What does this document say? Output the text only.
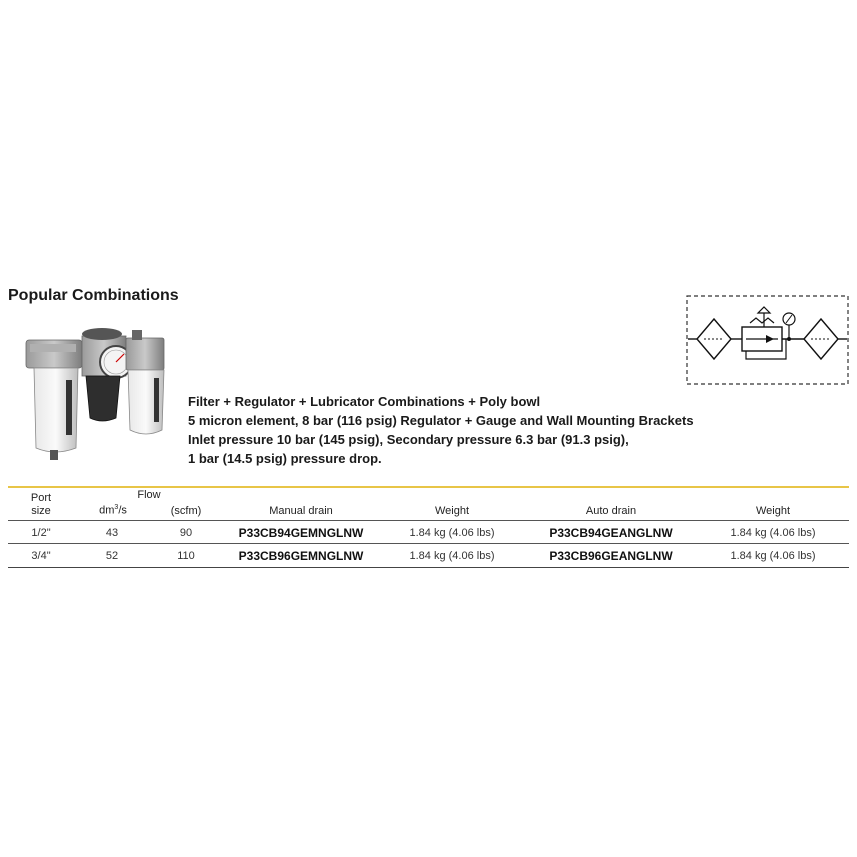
Popular Combinations
Filter + Regulator + Lubricator Combinations + Poly bowl
5 micron element, 8 bar (116 psig) Regulator + Gauge and Wall Mounting Brackets
Inlet pressure 10 bar (145 psig), Secondary pressure 6.3 bar (91.3 psig),
1 bar (14.5 psig) pressure drop.
Port
size
Flow
$dm^3/s$	(scfm)	Manual drain	Weight	Auto drain	Weight
1/2"	43	90	P33CB94GEMNGLNW	1.84 kg (4.06 lbs)	P33CB94GEANGLNW	1.84 kg (4.06 lbs)
3/4"	52	110	P33CB96GEMNGLNW	1.84 kg (4.06 lbs)	P33CB96GEANGLNW	1.84 kg (4.06 lbs)
